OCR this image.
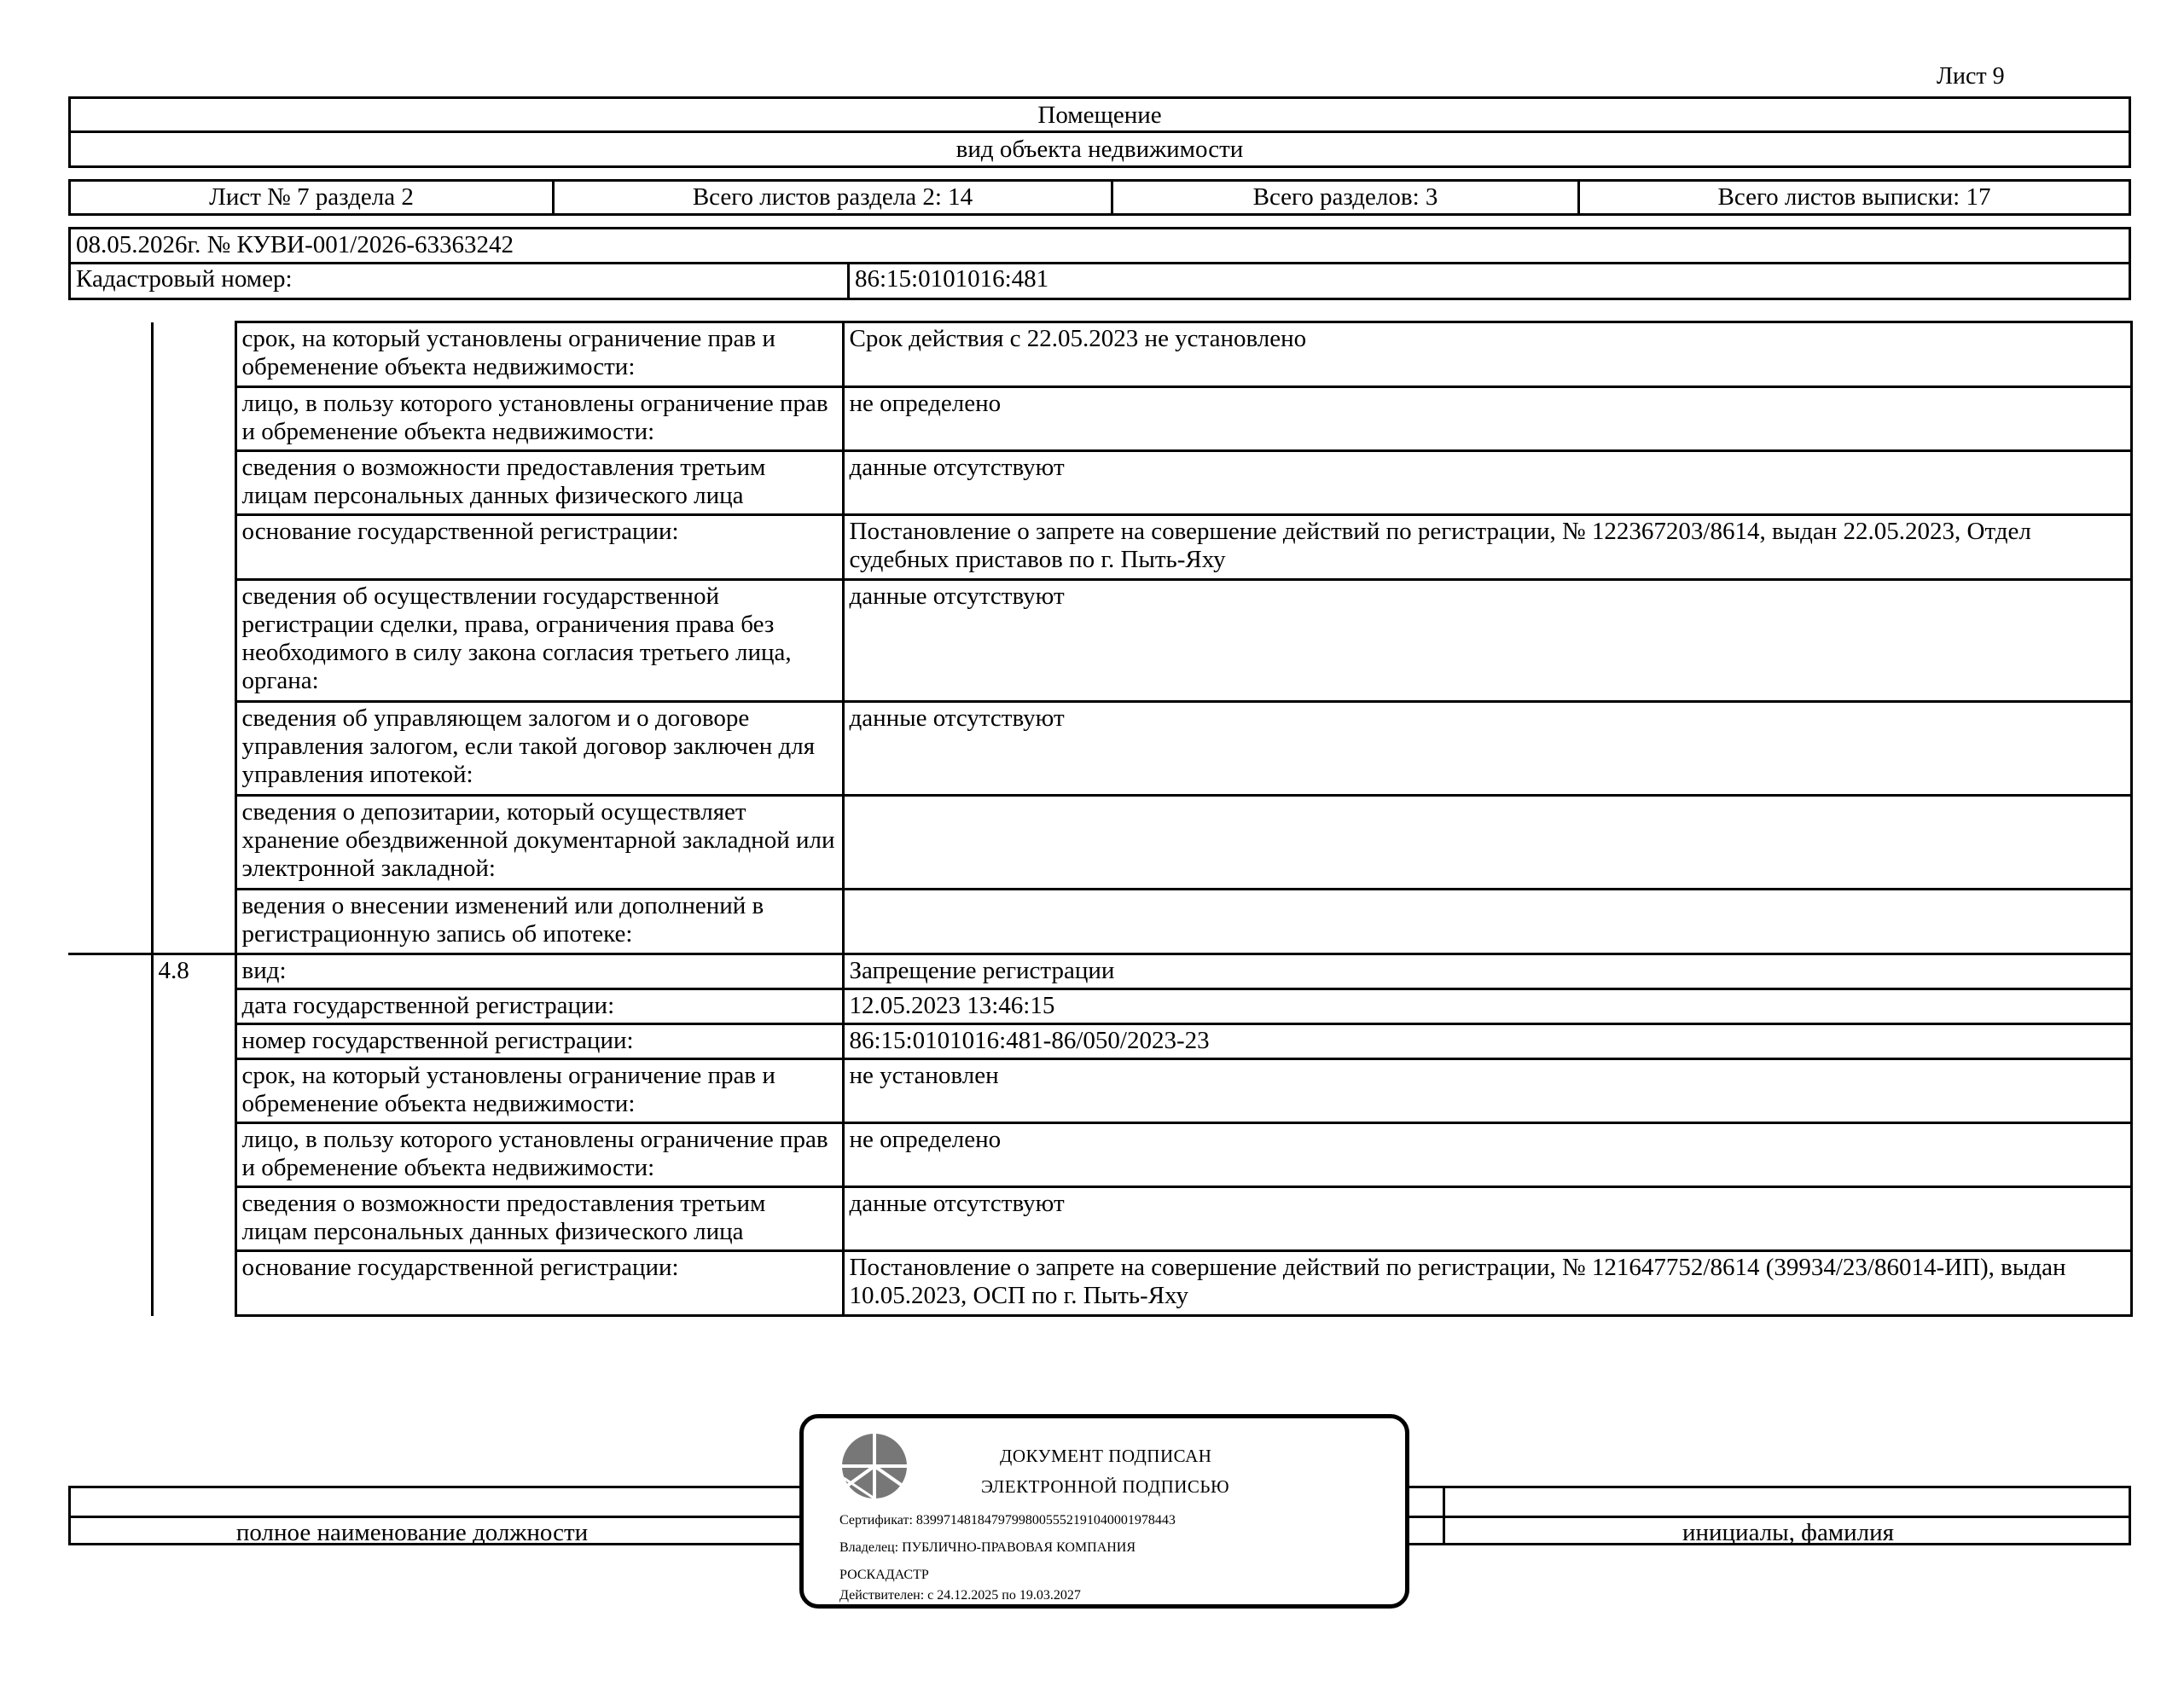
Лист 9
Помещение
вид объекта недвижимости
Лист № 7 раздела 2	Всего листов раздела 2: 14	Всего разделов: 3	Всего листов выписки: 17
08.05.2026г. № КУВИ-001/2026-63363242
Кадастровый номер:	86:15:0101016:481
		срок, на который установлены ограничение прав и обременение объекта недвижимости:	Срок действия с 22.05.2023 не установлено
		лицо, в пользу которого установлены ограничение прав и обременение объекта недвижимости:	не определено
		сведения о возможности предоставления третьим лицам персональных данных физического лица	данные отсутствуют
		основание государственной регистрации:	Постановление о запрете на совершение действий по регистрации, № 122367203/8614, выдан 22.05.2023, Отдел судебных приставов по г. Пыть-Яху
		сведения об осуществлении государственной регистрации сделки, права, ограничения права без необходимого в силу закона согласия третьего лица, органа:	данные отсутствуют
		сведения об управляющем залогом и о договоре управления залогом, если такой договор заключен для управления ипотекой:	данные отсутствуют
		сведения о депозитарии, который осуществляет хранение обездвиженной документарной закладной или электронной закладной:	
		ведения о внесении изменений или дополнений в регистрационную запись об ипотеке:	
	4.8	вид:	Запрещение регистрации
		дата государственной регистрации:	12.05.2023 13:46:15
		номер государственной регистрации:	86:15:0101016:481-86/050/2023-23
		срок, на который установлены ограничение прав и обременение объекта недвижимости:	не установлен
		лицо, в пользу которого установлены ограничение прав и обременение объекта недвижимости:	не определено
		сведения о возможности предоставления третьим лицам персональных данных физического лица	данные отсутствуют
		основание государственной регистрации:	Постановление о запрете на совершение действий по регистрации, № 121647752/8614 (39934/23/86014-ИП), выдан 10.05.2023, ОСП по г. Пыть-Яху
полное наименование должности	инициалы, фамилия
ДОКУМЕНТ ПОДПИСАН
ЭЛЕКТРОННОЙ ПОДПИСЬЮ
Сертификат: 83997148184797998005552191040001978443
Владелец: ПУБЛИЧНО-ПРАВОВАЯ КОМПАНИЯ
РОСКАДАСТР
Действителен: с 24.12.2025 по 19.03.2027
